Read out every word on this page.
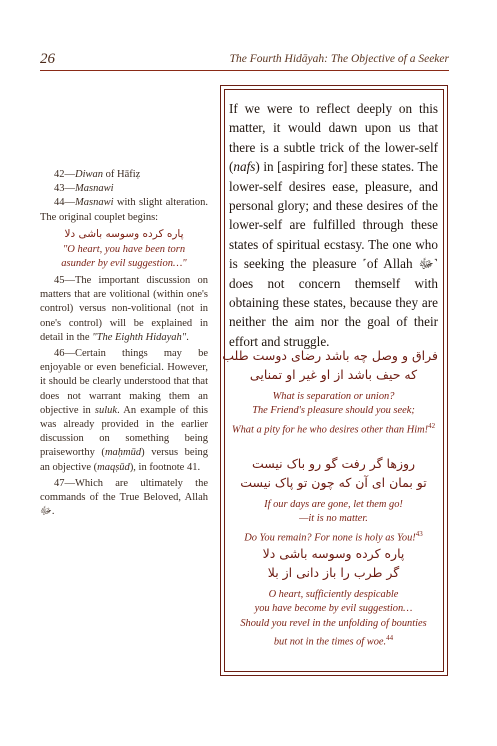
26	The Fourth Hidāyah: The Objective of a Seeker

42—Diwan of Hāfiẓ

43—Masnawi

44—Masnawi with slight alteration. The original couplet begins:

پاره کرده وسوسه باشی دلا
"O heart, you have been torn
asunder by evil suggestion…"

45—The important discussion on matters that are volitional (within one's control) versus non-volitional (not in one's control) will be explained in detail in the "The Eighth Hidayah".

46—Certain things may be enjoyable or even beneficial. However, it should be clearly understood that that does not warrant making them an objective in suluk. An example of this was already provided in the earlier discussion on something being praiseworthy (maḥmūd) versus being an objective (maqṣūd), in footnote 41.

47—Which are ultimately the commands of the True Beloved, Allah ﷻ.

If we were to reflect deeply on this matter, it would dawn upon us that there is a subtle trick of the lower-self (nafs) in [aspiring for] these states. The lower-self desires ease, pleasure, and personal glory; and these desires of the lower-self are fulfilled through these states of spiritual ecstasy. The one who is seeking the pleasure ˹of Allah ﷻ˺ does not concern themself with obtaining these states, because they are neither the aim nor the goal of their effort and struggle.
فراق و وصل چه باشد رضای دوست طلب
که حیف باشد از او غیر او تمنایی
What is separation or union?
The Friend's pleasure should you seek;
What a pity for he who desires other than Him!$^{42}$
روزها گر رفت گو رو باک نیست
تو بمان ای آن که چون تو پاک نیست
If our days are gone, let them go!
—it is no matter.
Do You remain? For none is holy as You!$^{43}$
پاره کرده وسوسه باشی دلا
گر طرب را باز دانی از بلا
O heart, sufficiently despicable
you have become by evil suggestion…
Should you revel in the unfolding of bounties
but not in the times of woe.$^{44}$
